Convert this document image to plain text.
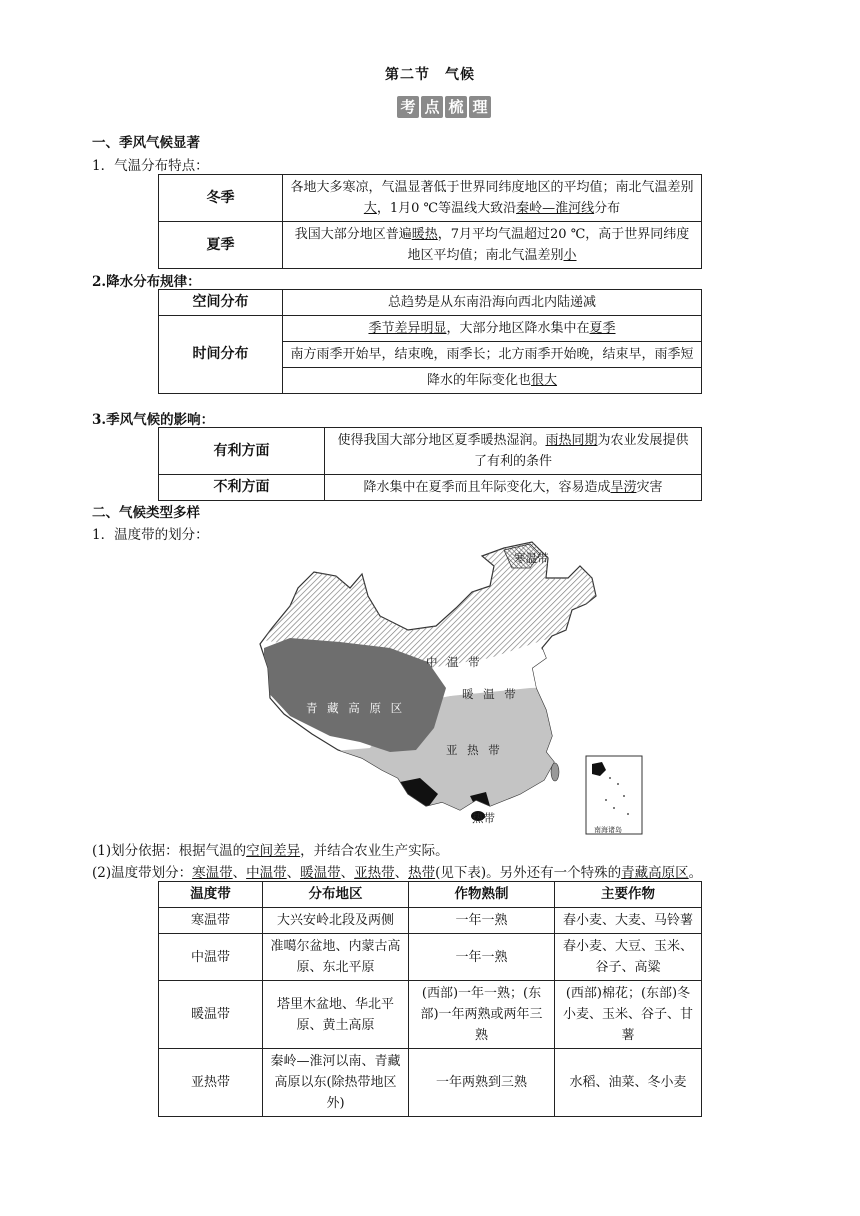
第二节　气候
考 点 梳 理
一、季风气候显著
1．气温分布特点：
冬季	各地大多寒凉，气温显著低于世界同纬度地区的平均值；南北气温差别大，1月0 ℃等温线大致沿秦岭—淮河线分布
夏季	我国大部分地区普遍暖热，7月平均气温超过20 ℃，高于世界同纬度地区平均值；南北气温差别小
2.降水分布规律：
空间分布	总趋势是从东南沿海向西北内陆递减
时间分布	季节差异明显，大部分地区降水集中在夏季
	南方雨季开始早，结束晚，雨季长；北方雨季开始晚，结束早，雨季短
	降水的年际变化也很大
3.季风气候的影响：
有利方面	使得我国大部分地区夏季暖热湿润。雨热同期为农业发展提供了有利的条件
不利方面	降水集中在夏季而且年际变化大，容易造成旱涝灾害
二、气候类型多样
1．温度带的划分：
寒温带
中 温 带
暖 温 带
青 藏 高 原 区
亚 热 带
热带
南海诸岛
(1)划分依据：根据气温的空间差异，并结合农业生产实际。
(2)温度带划分：寒温带、中温带、暖温带、亚热带、热带(见下表)。另外还有一个特殊的青藏高原区。
温度带	分布地区	作物熟制	主要作物
寒温带	大兴安岭北段及两侧	一年一熟	春小麦、大麦、马铃薯
中温带	准噶尔盆地、内蒙古高原、东北平原	一年一熟	春小麦、大豆、玉米、谷子、高粱
暖温带	塔里木盆地、华北平原、黄土高原	(西部)一年一熟；(东部)一年两熟或两年三熟	(西部)棉花；(东部)冬小麦、玉米、谷子、甘薯
亚热带	秦岭—淮河以南、青藏高原以东(除热带地区外)	一年两熟到三熟	水稻、油菜、冬小麦
